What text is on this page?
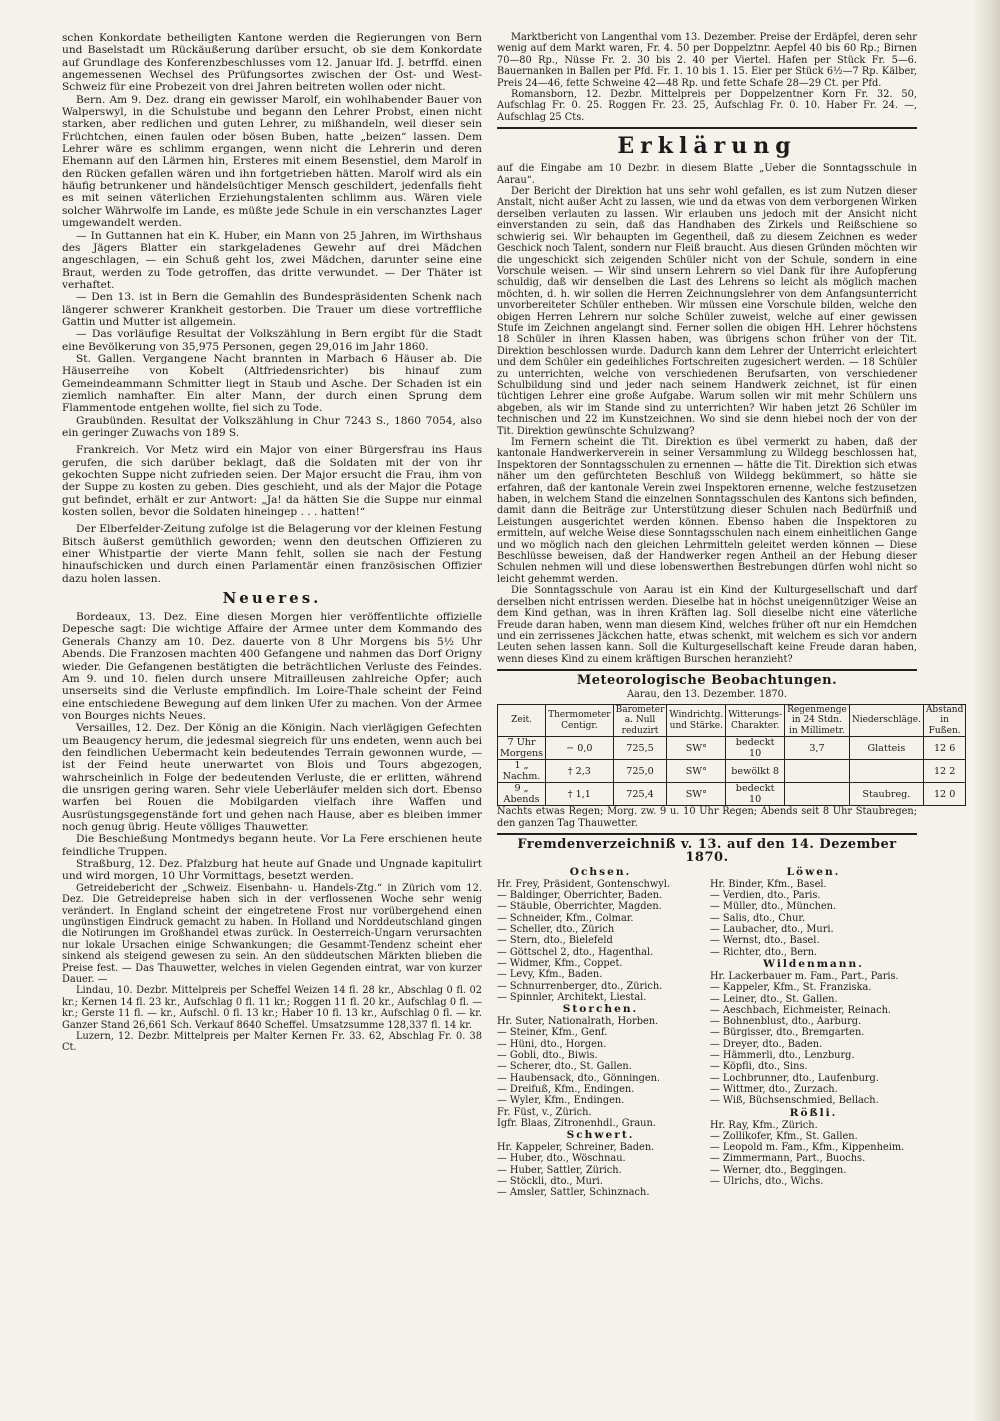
schen Konkordate betheiligten Kantone werden die Regierungen von Bern und Baselstadt um Rückäußerung darüber ersucht, ob sie dem Konkordate auf Grundlage des Konferenzbeschlusses vom 12. Januar lfd. J. betrffd. einen angemessenen Wechsel des Prüfungsortes zwischen der Ost- und West-Schweiz für eine Probezeit von drei Jahren beitreten wollen oder nicht.

Bern. Am 9. Dez. drang ein gewisser Marolf, ein wohlhabender Bauer von Walperswyl, in die Schulstube und begann den Lehrer Probst, einen nicht starken, aber redlichen und guten Lehrer, zu mißhandeln, weil dieser sein Früchtchen, einen faulen oder bösen Buben, hatte „beizen“ lassen. Dem Lehrer wäre es schlimm ergangen, wenn nicht die Lehrerin und deren Ehemann auf den Lärmen hin, Ersteres mit einem Besenstiel, dem Marolf in den Rücken gefallen wären und ihn fortgetrieben hätten. Marolf wird als ein häufig betrunkener und händelsüchtiger Mensch geschildert, jedenfalls fieht es mit seinen väterlichen Erziehungstalenten schlimm aus. Wären viele solcher Währwolfe im Lande, es müßte jede Schule in ein verschanztes Lager umgewandelt werden.

— In Guttannen hat ein K. Huber, ein Mann von 25 Jahren, im Wirthshaus des Jägers Blatter ein starkgeladenes Gewehr auf drei Mädchen angeschlagen, — ein Schuß geht los, zwei Mädchen, darunter seine eine Braut, werden zu Tode getroffen, das dritte verwundet. — Der Thäter ist verhaftet.

— Den 13. ist in Bern die Gemahlin des Bundespräsidenten Schenk nach längerer schwerer Krankheit gestorben. Die Trauer um diese vortreffliche Gattin und Mutter ist allgemein.

— Das vorläufige Resultat der Volkszählung in Bern ergibt für die Stadt eine Bevölkerung von 35,975 Personen, gegen 29,016 im Jahr 1860.

St. Gallen. Vergangene Nacht brannten in Marbach 6 Häuser ab. Die Häuserreihe von Kobelt (Altfriedensrichter) bis hinauf zum Gemeindeammann Schmitter liegt in Staub und Asche. Der Schaden ist ein ziemlich namhafter. Ein alter Mann, der durch einen Sprung dem Flammentode entgehen wollte, fiel sich zu Tode.

Graubünden. Resultat der Volkszählung in Chur 7243 S., 1860 7054, also ein geringer Zuwachs von 189 S.

Frankreich. Vor Metz wird ein Major von einer Bürgersfrau ins Haus gerufen, die sich darüber beklagt, daß die Soldaten mit der von ihr gekochten Suppe nicht zufrieden seien. Der Major ersucht die Frau, ihm von der Suppe zu kosten zu geben. Dies geschieht, und als der Major die Potage gut befindet, erhält er zur Antwort: „Ja! da hätten Sie die Suppe nur einmal kosten sollen, bevor die Soldaten hineingep . . . hatten!“

Der Elberfelder-Zeitung zufolge ist die Belagerung vor der kleinen Festung Bitsch äußerst gemüthlich geworden; wenn den deutschen Offizieren zu einer Whistpartie der vierte Mann fehlt, sollen sie nach der Festung hinaufschicken und durch einen Parlamentär einen französischen Offizier dazu holen lassen.

Neueres.

Bordeaux, 13. Dez. Eine diesen Morgen hier veröffentlichte offizielle Depesche sagt: Die wichtige Affaire der Armee unter dem Kommando des Generals Chanzy am 10. Dez. dauerte von 8 Uhr Morgens bis 5½ Uhr Abends. Die Franzosen machten 400 Gefangene und nahmen das Dorf Origny wieder. Die Gefangenen bestätigten die beträchtlichen Verluste des Feindes. Am 9. und 10. fielen durch unsere Mitrailleusen zahlreiche Opfer; auch unserseits sind die Verluste empfindlich. Im Loire-Thale scheint der Feind eine entschiedene Bewegung auf dem linken Ufer zu machen. Von der Armee von Bourges nichts Neues.

Versailles, 12. Dez. Der König an die Königin. Nach vierlägigen Gefechten um Beaugency herum, die jedesmal siegreich für uns endeten, wenn auch bei den feindlichen Uebermacht kein bedeutendes Terrain gewonnen wurde, — ist der Feind heute unerwartet von Blois und Tours abgezogen, wahrscheinlich in Folge der bedeutenden Verluste, die er erlitten, während die unsrigen gering waren. Sehr viele Ueberläufer melden sich dort. Ebenso warfen bei Rouen die Mobilgarden vielfach ihre Waffen und Ausrüstungsgegenstände fort und gehen nach Hause, aber es bleiben immer noch genug übrig. Heute völliges Thauwetter.

Die Beschießung Montmedys begann heute. Vor La Fere erschienen heute feindliche Truppen.

Straßburg, 12. Dez. Pfalzburg hat heute auf Gnade und Ungnade kapitulirt und wird morgen, 10 Uhr Vormittags, besetzt werden.

Getreidebericht der „Schweiz. Eisenbahn- u. Handels-Ztg.“ in Zürich vom 12. Dez. Die Getreidepreise haben sich in der verflossenen Woche sehr wenig verändert. In England scheint der eingetretene Frost nur vorübergehend einen ungünstigen Eindruck gemacht zu haben. In Holland und Norddeutschland gingen die Notirungen im Großhandel etwas zurück. In Oesterreich-Ungarn verursachten nur lokale Ursachen einige Schwankungen; die Gesammt-Tendenz scheint eher sinkend als steigend gewesen zu sein. An den süddeutschen Märkten blieben die Preise fest. — Das Thauwetter, welches in vielen Gegenden eintrat, war von kurzer Dauer. —

Lindau, 10. Dezbr. Mittelpreis per Scheffel Weizen 14 fl. 28 kr., Abschlag 0 fl. 02 kr.; Kernen 14 fl. 23 kr., Aufschlag 0 fl. 11 kr.; Roggen 11 fl. 20 kr., Aufschlag 0 fl. — kr.; Gerste 11 fl. — kr., Aufschl. 0 fl. 13 kr.; Haber 10 fl. 13 kr., Aufschlag 0 fl. — kr. Ganzer Stand 26,661 Sch. Verkauf 8640 Scheffel. Umsatzsumme 128,337 fl. 14 kr.

Luzern, 12. Dezbr. Mittelpreis per Malter Kernen Fr. 33. 62, Abschlag Fr. 0. 38 Ct.

Marktbericht von Langenthal vom 13. Dezember. Preise der Erdäpfel, deren sehr wenig auf dem Markt waren, Fr. 4. 50 per Doppelztnr. Aepfel 40 bis 60 Rp.; Birnen 70—80 Rp., Nüsse Fr. 2. 30 bis 2. 40 per Viertel. Hafen per Stück Fr. 5—6. Bauernanken in Ballen per Pfd. Fr. 1. 10 bis 1. 15. Eier per Stück 6½—7 Rp. Kälber, Preis 24—46, fette Schweine 42—48 Rp. und fette Schafe 28—29 Ct. per Pfd.

Romansborn, 12. Dezbr. Mittelpreis per Doppelzentner Korn Fr. 32. 50, Aufschlag Fr. 0. 25. Roggen Fr. 23. 25, Aufschlag Fr. 0. 10. Haber Fr. 24. —, Aufschlag 25 Cts.

Erklärung

auf die Eingabe am 10 Dezbr. in diesem Blatte „Ueber die Sonntagsschule in Aarau“.

Der Bericht der Direktion hat uns sehr wohl gefallen, es ist zum Nutzen dieser Anstalt, nicht außer Acht zu lassen, wie und da etwas von dem verborgenen Wirken derselben verlauten zu lassen. Wir erlauben uns jedoch mit der Ansicht nicht einverstanden zu sein, daß das Handhaben des Zirkels und Reißschiene so schwierig sei. Wir behaupten im Gegentheil, daß zu diesem Zeichnen es weder Geschick noch Talent, sondern nur Fleiß braucht. Aus diesen Gründen möchten wir die ungeschickt sich zeigenden Schüler nicht von der Schule, sondern in eine Vorschule weisen. — Wir sind unsern Lehrern so viel Dank für ihre Aufopferung schuldig, daß wir denselben die Last des Lehrens so leicht als möglich machen möchten, d. h. wir sollen die Herren Zeichnungslehrer von dem Anfangsunterricht unvorbereiteter Schüler entheben. Wir müssen eine Vorschule bilden, welche den obigen Herren Lehrern nur solche Schüler zuweist, welche auf einer gewissen Stufe im Zeichnen angelangt sind. Ferner sollen die obigen HH. Lehrer höchstens 18 Schüler in ihren Klassen haben, was übrigens schon früher von der Tit. Direktion beschlossen wurde. Dadurch kann dem Lehrer der Unterricht erleichtert und dem Schüler ein gedeihliches Fortschreiten zugesichert werden. — 18 Schüler zu unterrichten, welche von verschiedenen Berufsarten, von verschiedener Schulbildung sind und jeder nach seinem Handwerk zeichnet, ist für einen tüchtigen Lehrer eine große Aufgabe. Warum sollen wir mit mehr Schülern uns abgeben, als wir im Stande sind zu unterrichten? Wir haben jetzt 26 Schüler im technischen und 22 im Kunstzeichnen. Wo sind sie denn hiebei noch der von der Tit. Direktion gewünschte Schulzwang?

Im Fernern scheint die Tit. Direktion es übel vermerkt zu haben, daß der kantonale Handwerkerverein in seiner Versammlung zu Wildegg beschlossen hat, Inspektoren der Sonntagsschulen zu ernennen — hätte die Tit. Direktion sich etwas näher um den gefürchteten Beschluß von Wildegg bekümmert, so hätte sie erfahren, daß der kantonale Verein zwei Inspektoren ernenne, welche festzusetzen haben, in welchem Stand die einzelnen Sonntagsschulen des Kantons sich befinden, damit dann die Beiträge zur Unterstützung dieser Schulen nach Bedürfniß und Leistungen ausgerichtet werden können. Ebenso haben die Inspektoren zu ermitteln, auf welche Weise diese Sonntagsschulen nach einem einheitlichen Gange und wo möglich nach den gleichen Lehrmitteln geleitet werden können — Diese Beschlüsse beweisen, daß der Handwerker regen Antheil an der Hebung dieser Schulen nehmen will und diese lobenswerthen Bestrebungen dürfen wohl nicht so leicht gehemmt werden.

Die Sonntagsschule von Aarau ist ein Kind der Kulturgesellschaft und darf derselben nicht entrissen werden. Dieselbe hat in höchst uneigennütziger Weise an dem Kind gethan, was in ihren Kräften lag. Soll dieselbe nicht eine väterliche Freude daran haben, wenn man diesem Kind, welches früher oft nur ein Hemdchen und ein zerrissenes Jäckchen hatte, etwas schenkt, mit welchem es sich vor andern Leuten sehen lassen kann. Soll die Kulturgesellschaft keine Freude daran haben, wenn dieses Kind zu einem kräftigen Burschen heranzieht?

Meteorologische Beobachtungen.

Aarau, den 13. Dezember. 1870.

Zeit.	Thermometer Centigr.	Barometer a. Null reduzirt	Windrichtg. und Stärke.	Witterungs-Charakter.	Regenmenge in 24 Stdn. in Millimetr.	Niederschläge.	Abstand in Fußen.
7 Uhr Morgens	− 0,0	725,5	SW°	bedeckt 10	3,7	Glatteis	12 6
1 „ Nachm.	† 2,3	725,0	SW°	bewölkt 8			12 2
9 „ Abends	† 1,1	725,4	SW°	bedeckt 10		Staubreg.	12 0

Nachts etwas Regen; Morg. zw. 9 u. 10 Uhr Regen; Abends seit 8 Uhr Staubregen; den ganzen Tag Thauwetter.

Fremdenverzeichniß v. 13. auf den 14. Dezember 1870.
Ochsen.
Hr. Frey, Präsident, Gontenschwyl.
— Baldinger, Oberrichter, Baden.
— Stäuble, Oberrichter, Magden.
— Schneider, Kfm., Colmar.
— Scheller, dto., Zürich
— Stern, dto., Bielefeld
— Göttschel 2, dto., Hagenthal.
— Widmer, Kfm., Coppet.
— Levy, Kfm., Baden.
— Schnurrenberger, dto., Zürich.
— Spinnler, Architekt, Liestal.
Storchen.
Hr. Suter, Nationalrath, Horben.
— Steiner, Kfm., Genf.
— Hüni, dto., Horgen.
— Gobli, dto., Biwis.
— Scherer, dto., St. Gallen.
— Haubensack, dto., Gönningen.
— Dreifuß, Kfm., Endingen.
— Wyler, Kfm., Endingen.
Fr. Füst, v., Zürich.
Igfr. Blaas, Zitronenhdl., Graun.
Schwert.
Hr. Kappeler, Schreiner, Baden.
— Huber, dto., Wöschnau.
— Huber, Sattler, Zürich.
— Stöckli, dto., Muri.
— Amsler, Sattler, Schinznach.
Löwen.
Hr. Binder, Kfm., Basel.
— Verdien, dto., Paris.
— Müller, dto., München.
— Salis, dto., Chur.
— Laubacher, dto., Muri.
— Wernst, dto., Basel.
— Richter, dto., Bern.
Wildenmann.
Hr. Lackerbauer m. Fam., Part., Paris.
— Kappeler, Kfm., St. Franziska.
— Leiner, dto., St. Gallen.
— Aeschbach, Eichmeister, Reinach.
— Bohnenblust, dto., Aarburg.
— Bürgisser, dto., Bremgarten.
— Dreyer, dto., Baden.
— Hämmerli, dto., Lenzburg.
— Köpfli, dto., Sins.
— Lochbrunner, dto., Laufenburg.
— Wittmer, dto., Zurzach.
— Wiß, Büchsenschmied, Bellach.
Rößli.
Hr. Ray, Kfm., Zürich.
— Zollikofer, Kfm., St. Gallen.
— Leopold m. Fam., Kfm., Kippenheim.
— Zimmermann, Part., Buochs.
— Werner, dto., Beggingen.
— Ulrichs, dto., Wichs.
